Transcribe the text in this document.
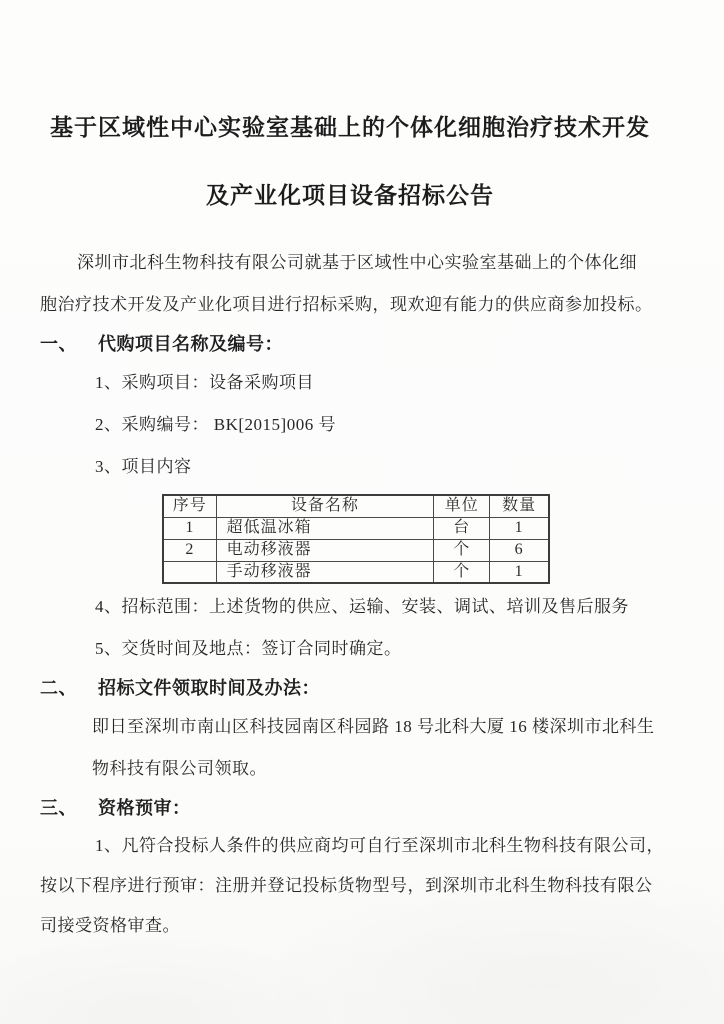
基于区域性中心实验室基础上的个体化细胞治疗技术开发
及产业化项目设备招标公告
深圳市北科生物科技有限公司就基于区域性中心实验室基础上的个体化细
胞治疗技术开发及产业化项目进行招标采购，现欢迎有能力的供应商参加投标。
一、	代购项目名称及编号：
1、采购项目：设备采购项目
2、采购编号： BK[2015]006 号
3、项目内容
序号	设备名称	单位	数量
1	超低温冰箱	台	1
2	电动移液器	个	6
	手动移液器	个	1
4、招标范围：上述货物的供应、运输、安装、调试、培训及售后服务
5、交货时间及地点：签订合同时确定。
二、	招标文件领取时间及办法：
即日至深圳市南山区科技园南区科园路 18 号北科大厦 16 楼深圳市北科生
物科技有限公司领取。
三、	资格预审：
1、凡符合投标人条件的供应商均可自行至深圳市北科生物科技有限公司，
按以下程序进行预审：注册并登记投标货物型号，到深圳市北科生物科技有限公
司接受资格审查。
